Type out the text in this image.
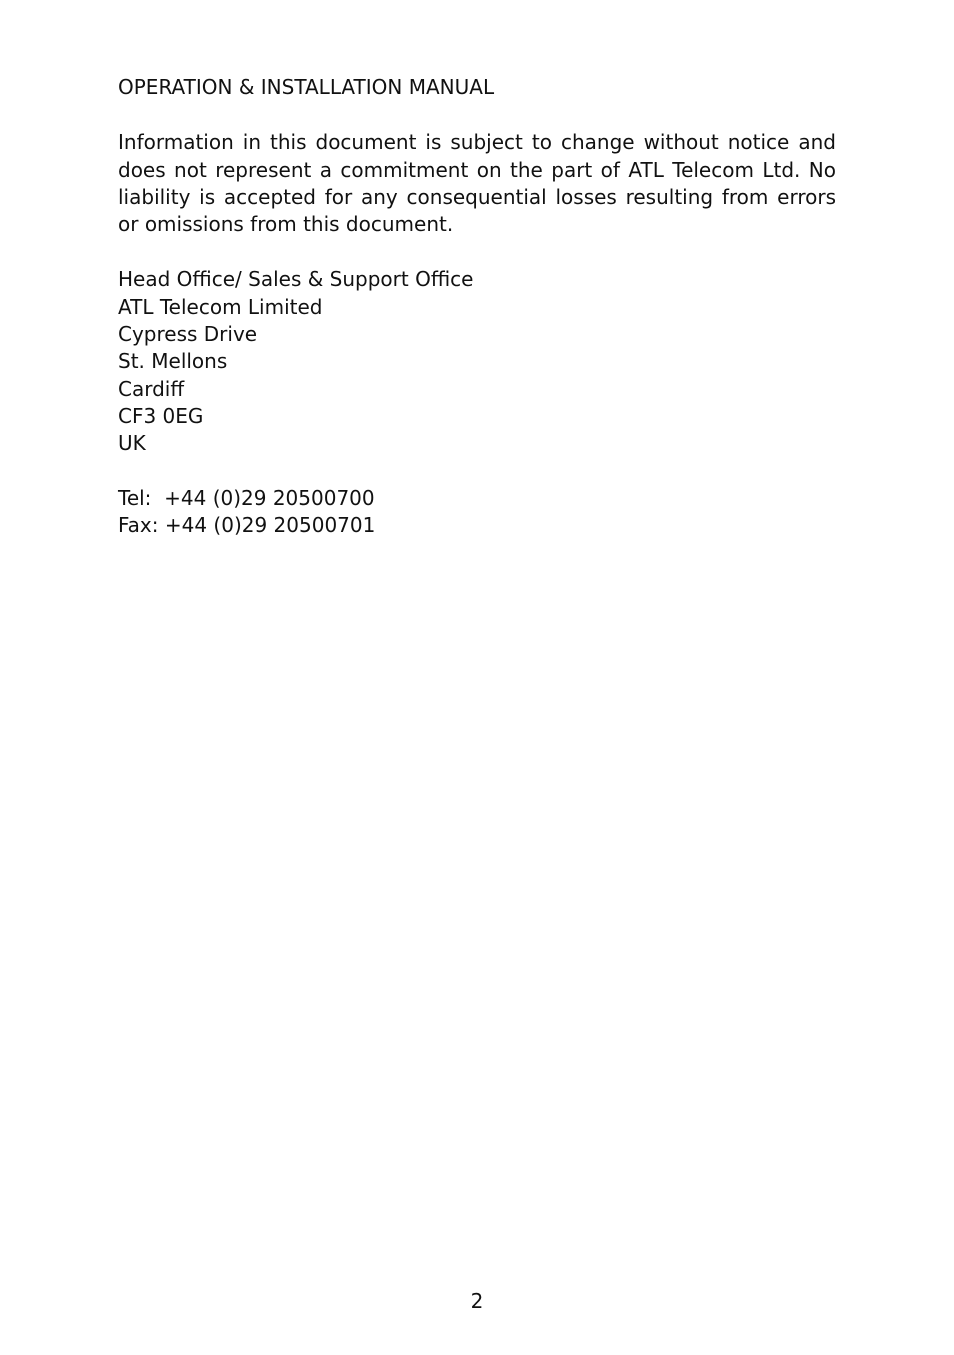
OPERATION & INSTALLATION MANUAL

Information in this document is subject to change without notice and does not represent a commitment on the part of ATL Telecom Ltd. No liability is accepted for any consequential losses resulting from errors or omissions from this document.

Head Office/ Sales & Support Office
ATL Telecom Limited
Cypress Drive
St. Mellons
Cardiff
CF3 0EG
UK
Tel:  +44 (0)29 20500700
Fax: +44 (0)29 20500701
2
